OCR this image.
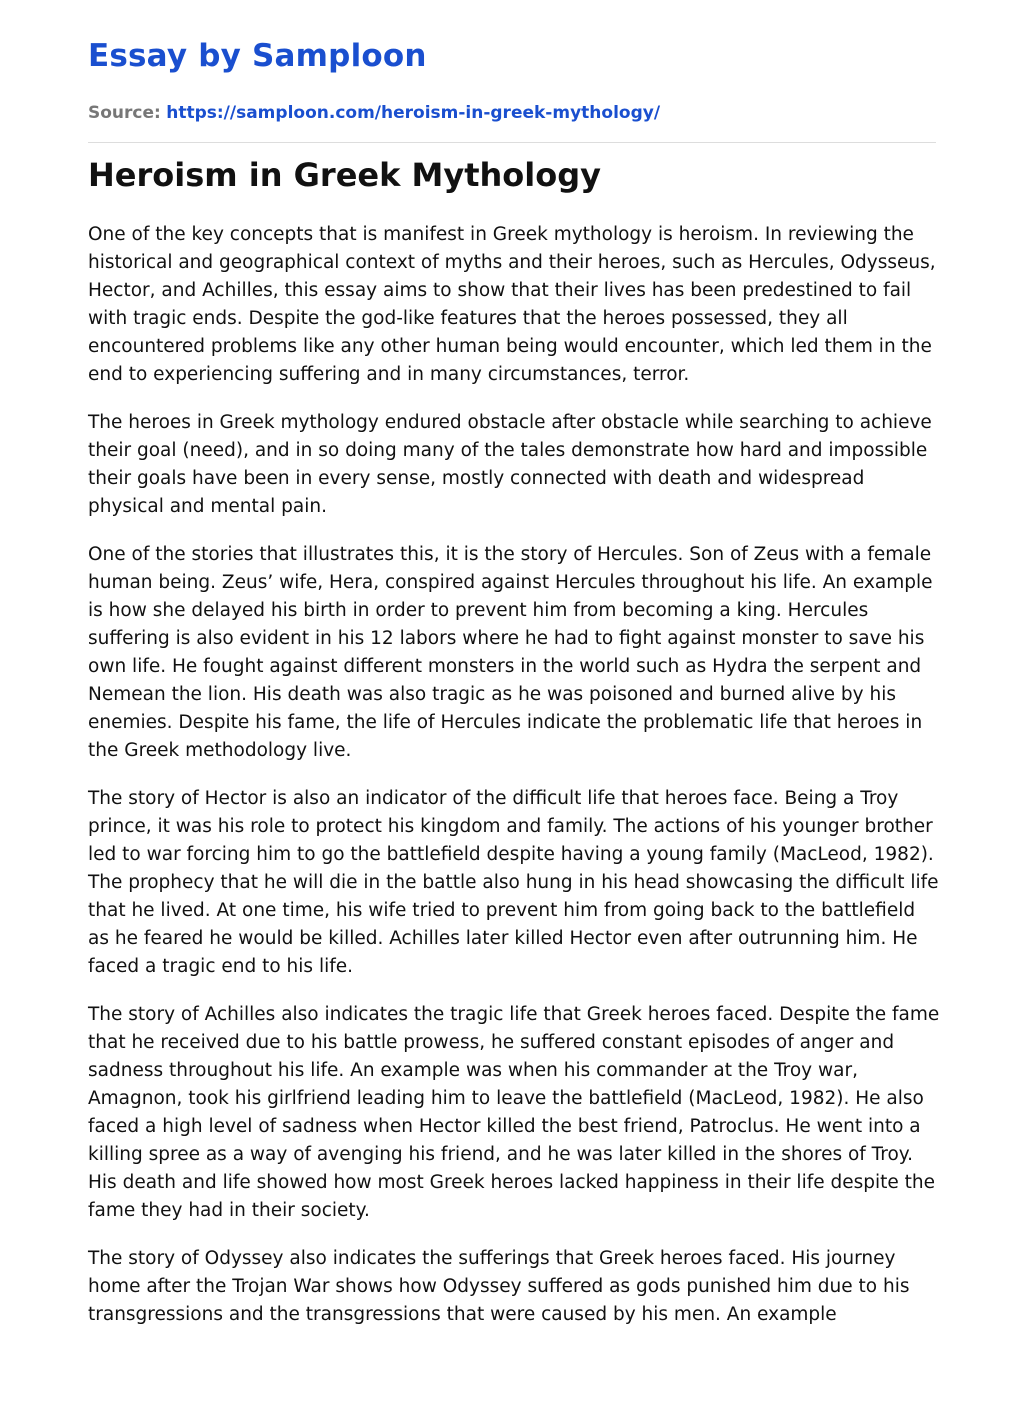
Essay by Samploon
Source: https://samploon.com/heroism-in-greek-mythology/
Heroism in Greek Mythology

One of the key concepts that is manifest in Greek mythology is heroism. In reviewing the historical and geographical context of myths and their heroes, such as Hercules, Odysseus, Hector, and Achilles, this essay aims to show that their lives has been predestined to fail with tragic ends. Despite the god-like features that the heroes possessed, they all encountered problems like any other human being would encounter, which led them in the end to experiencing suffering and in many circumstances, terror.

The heroes in Greek mythology endured obstacle after obstacle while searching to achieve their goal (need), and in so doing many of the tales demonstrate how hard and impossible their goals have been in every sense, mostly connected with death and widespread physical and mental pain.

One of the stories that illustrates this, it is the story of Hercules. Son of Zeus with a female human being. Zeus’ wife, Hera, conspired against Hercules throughout his life. An example is how she delayed his birth in order to prevent him from becoming a king. Hercules suffering is also evident in his 12 labors where he had to fight against monster to save his own life. He fought against different monsters in the world such as Hydra the serpent and Nemean the lion. His death was also tragic as he was poisoned and burned alive by his enemies. Despite his fame, the life of Hercules indicate the problematic life that heroes in the Greek methodology live.

The story of Hector is also an indicator of the difficult life that heroes face. Being a Troy prince, it was his role to protect his kingdom and family. The actions of his younger brother led to war forcing him to go the battlefield despite having a young family (MacLeod, 1982). The prophecy that he will die in the battle also hung in his head showcasing the difficult life that he lived. At one time, his wife tried to prevent him from going back to the battlefield as he feared he would be killed. Achilles later killed Hector even after outrunning him. He faced a tragic end to his life.

The story of Achilles also indicates the tragic life that Greek heroes faced. Despite the fame that he received due to his battle prowess, he suffered constant episodes of anger and sadness throughout his life. An example was when his commander at the Troy war, Amagnon, took his girlfriend leading him to leave the battlefield (MacLeod, 1982). He also faced a high level of sadness when Hector killed the best friend, Patroclus. He went into a killing spree as a way of avenging his friend, and he was later killed in the shores of Troy. His death and life showed how most Greek heroes lacked happiness in their life despite the fame they had in their society.

The story of Odyssey also indicates the sufferings that Greek heroes faced. His journey home after the Trojan War shows how Odyssey suffered as gods punished him due to his transgressions and the transgressions that were caused by his men. An example
